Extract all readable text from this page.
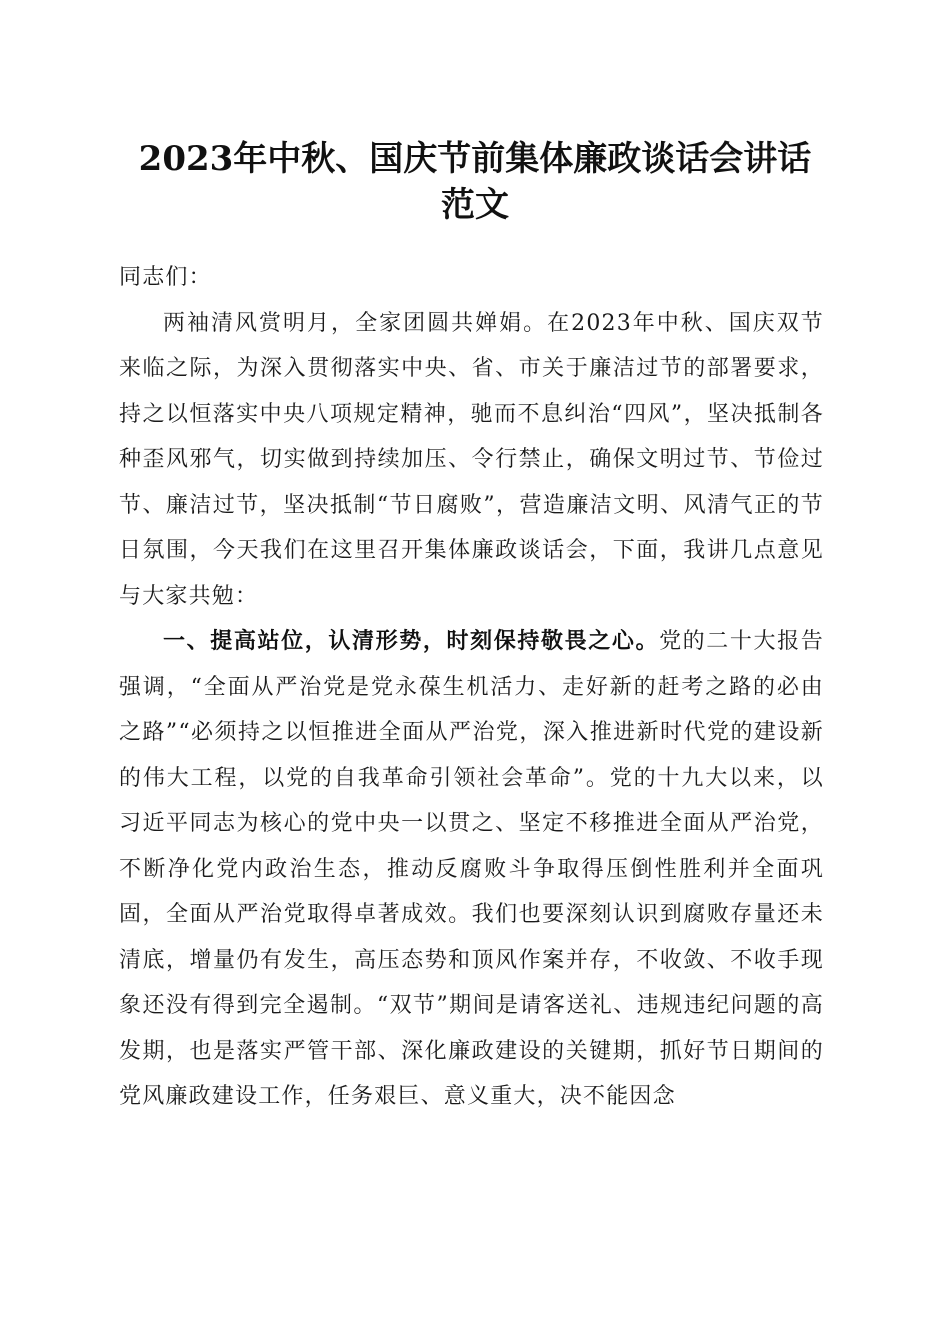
2023年中秋、国庆节前集体廉政谈话会讲话
范文

同志们：

两袖清风赏明月，全家团圆共婵娟。在2023年中秋、国庆双节来临之际，为深入贯彻落实中央、省、市关于廉洁过节的部署要求，持之以恒落实中央八项规定精神，驰而不息纠治“四风”，坚决抵制各种歪风邪气，切实做到持续加压、令行禁止，确保文明过节、节俭过节、廉洁过节，坚决抵制“节日腐败”，营造廉洁文明、风清气正的节日氛围，今天我们在这里召开集体廉政谈话会，下面，我讲几点意见与大家共勉：

一、提高站位，认清形势，时刻保持敬畏之心。党的二十大报告强调，“全面从严治党是党永葆生机活力、走好新的赶考之路的必由之路”“必须持之以恒推进全面从严治党，深入推进新时代党的建设新的伟大工程，以党的自我革命引领社会革命”。党的十九大以来，以习近平同志为核心的党中央一以贯之、坚定不移推进全面从严治党，不断净化党内政治生态，推动反腐败斗争取得压倒性胜利并全面巩固，全面从严治党取得卓著成效。我们也要深刻认识到腐败存量还未清底，增量仍有发生，高压态势和顶风作案并存，不收敛、不收手现象还没有得到完全遏制。“双节”期间是请客送礼、违规违纪问题的高发期，也是落实严管干部、深化廉政建设的关键期，抓好节日期间的党风廉政建设工作，任务艰巨、意义重大，决不能因念
